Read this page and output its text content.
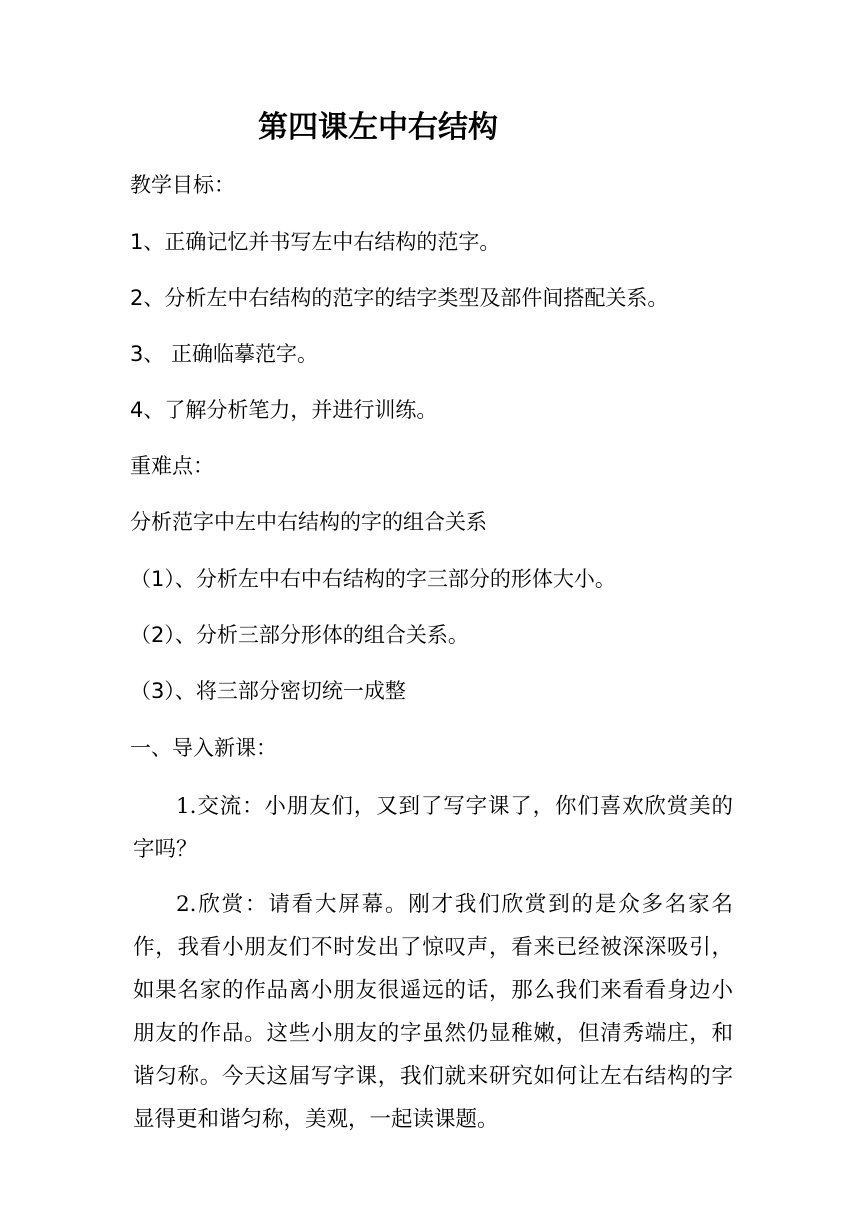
第四课左中右结构
教学目标：
1、正确记忆并书写左中右结构的范字。
2、分析左中右结构的范字的结字类型及部件间搭配关系。
3、 正确临摹范字。
4、了解分析笔力，并进行训练。
重难点：
分析范字中左中右结构的字的组合关系
（1）、分析左中右中右结构的字三部分的形体大小。
（2）、分析三部分形体的组合关系。
（3）、将三部分密切统一成整
一、导入新课：
1.交流：小朋友们，又到了写字课了，你们喜欢欣赏美的字吗？
2.欣赏：请看大屏幕。刚才我们欣赏到的是众多名家名作，我看小朋友们不时发出了惊叹声，看来已经被深深吸引，如果名家的作品离小朋友很遥远的话，那么我们来看看身边小朋友的作品。这些小朋友的字虽然仍显稚嫩，但清秀端庄，和谐匀称。今天这届写字课，我们就来研究如何让左右结构的字显得更和谐匀称，美观，一起读课题。
